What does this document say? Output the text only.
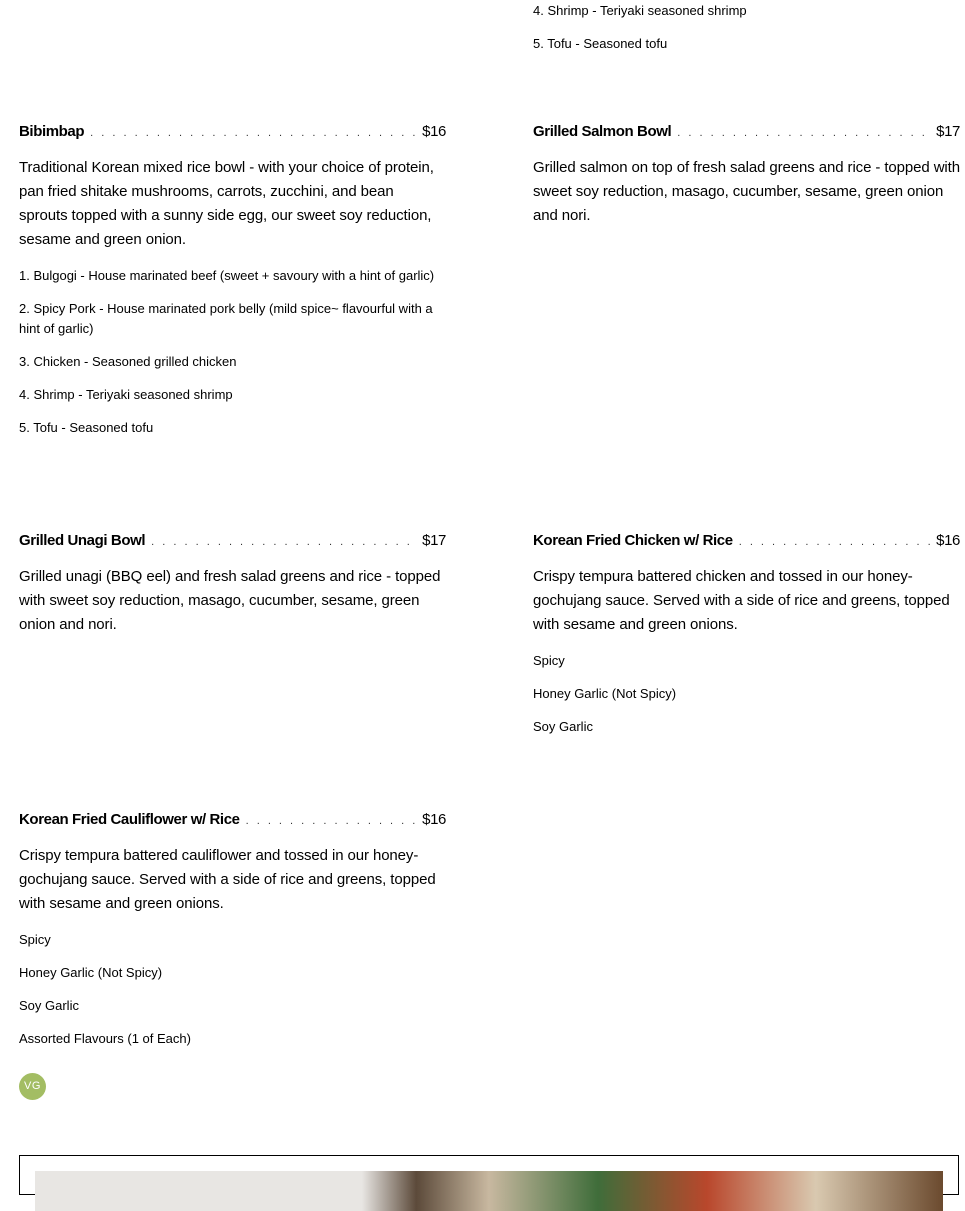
4. Shrimp - Teriyaki seasoned shrimp
5. Tofu - Seasoned tofu
Bibimbap . . .	$16

Traditional Korean mixed rice bowl - with your choice of protein, pan fried shitake mushrooms, carrots, zucchini, and bean sprouts topped with a sunny side egg, our sweet soy reduction, sesame and green onion.

1. Bulgogi - House marinated beef (sweet + savoury with a hint of garlic)
2. Spicy Pork - House marinated pork belly (mild spice~ flavourful with a hint of garlic)
3. Chicken - Seasoned grilled chicken
4. Shrimp - Teriyaki seasoned shrimp
5. Tofu - Seasoned tofu
Grilled Salmon Bowl . . .	$17

Grilled salmon on top of fresh salad greens and rice - topped with sweet soy reduction, masago, cucumber, sesame, green onion and nori.

Grilled Unagi Bowl . . .	$17

Grilled unagi (BBQ eel) and fresh salad greens and rice - topped with sweet soy reduction, masago, cucumber, sesame, green onion and nori.

Korean Fried Chicken w/ Rice . . .	$16

Crispy tempura battered chicken and tossed in our honey-gochujang sauce. Served with a side of rice and greens, topped with sesame and green onions.

Spicy
Honey Garlic (Not Spicy)
Soy Garlic
Korean Fried Cauliflower w/ Rice . . .	$16

Crispy tempura battered cauliflower and tossed in our honey-gochujang sauce. Served with a side of rice and greens, topped with sesame and green onions.

Spicy
Honey Garlic (Not Spicy)
Soy Garlic
Assorted Flavours (1 of Each)
VG
